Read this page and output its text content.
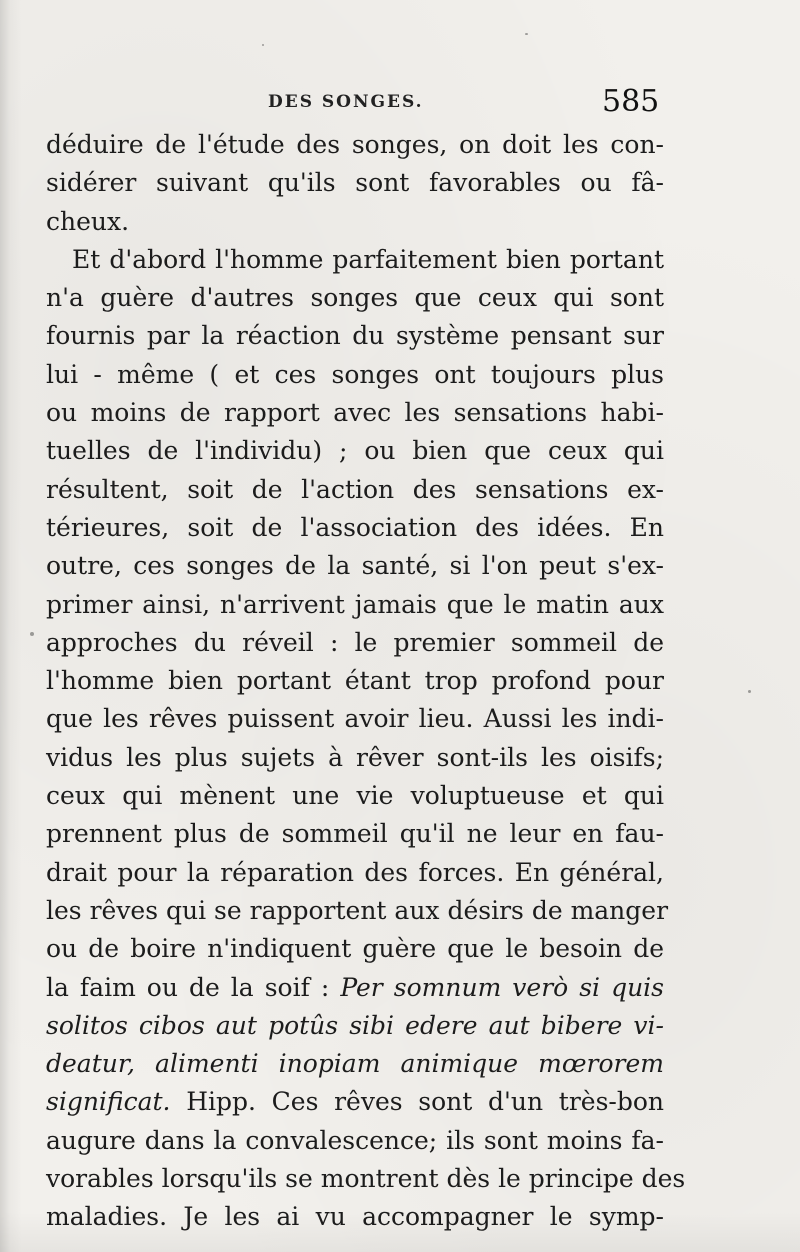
DES SONGES.	585
déduire de l'étude des songes, on doit les con-
sidérer suivant qu'ils sont favorables ou fâ-
cheux.
Et d'abord l'homme parfaitement bien portant
n'a guère d'autres songes que ceux qui sont
fournis par la réaction du système pensant sur
lui - même ( et ces songes ont toujours plus
ou moins de rapport avec les sensations habi-
tuelles de l'individu) ; ou bien que ceux qui
résultent, soit de l'action des sensations ex-
térieures, soit de l'association des idées. En
outre, ces songes de la santé, si l'on peut s'ex-
primer ainsi, n'arrivent jamais que le matin aux
approches du réveil : le premier sommeil de
l'homme bien portant étant trop profond pour
que les rêves puissent avoir lieu. Aussi les indi-
vidus les plus sujets à rêver sont-ils les oisifs;
ceux qui mènent une vie voluptueuse et qui
prennent plus de sommeil qu'il ne leur en fau-
drait pour la réparation des forces. En général,
les rêves qui se rapportent aux désirs de manger
ou de boire n'indiquent guère que le besoin de
la faim ou de la soif : Per somnum verò si quis
solitos cibos aut potûs sibi edere aut bibere vi-
deatur, alimenti inopiam animique mœrorem
significat. Hipp. Ces rêves sont d'un très-bon
augure dans la convalescence; ils sont moins fa-
vorables lorsqu'ils se montrent dès le principe des
maladies. Je les ai vu accompagner le symp-
